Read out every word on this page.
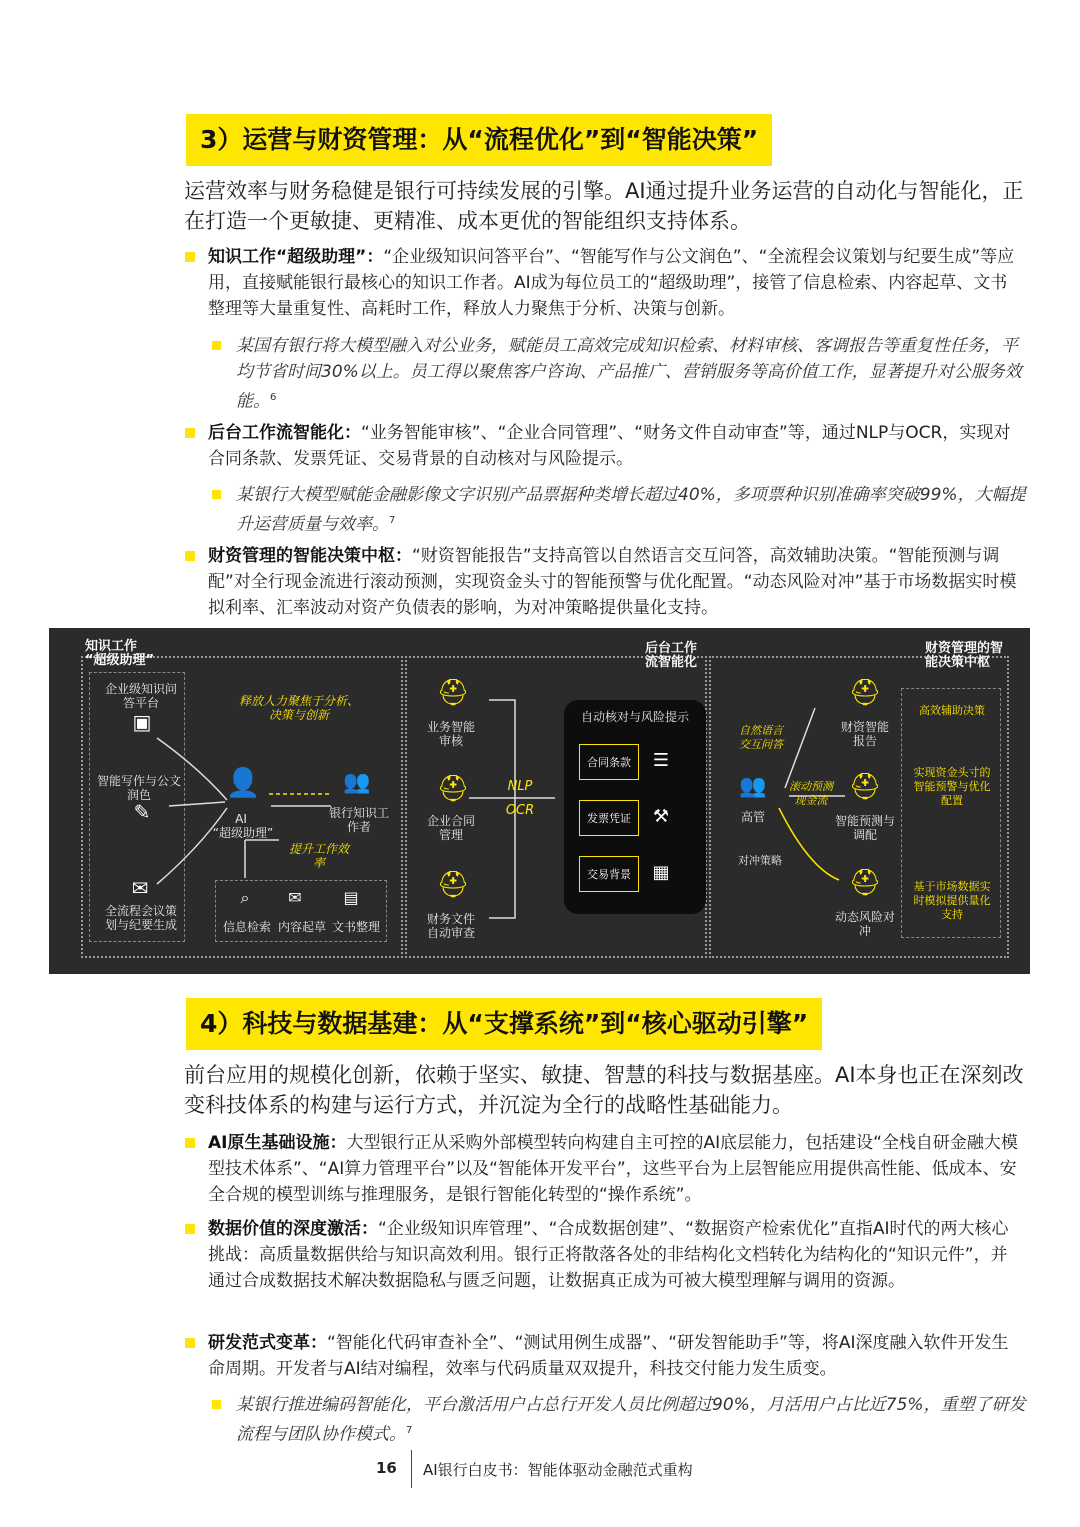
3）运营与财资管理：从“流程优化”到“智能决策”
运营效率与财务稳健是银行可持续发展的引擎。AI通过提升业务运营的自动化与智能化，正在打造一个更敏捷、更精准、成本更优的智能组织支持体系。
知识工作“超级助理”：“企业级知识问答平台”、“智能写作与公文润色”、“全流程会议策划与纪要生成”等应用，直接赋能银行最核心的知识工作者。AI成为每位员工的“超级助理”，接管了信息检索、内容起草、文书整理等大量重复性、高耗时工作，释放人力聚焦于分析、决策与创新。
某国有银行将大模型融入对公业务，赋能员工高效完成知识检索、材料审核、客调报告等重复性任务，平均节省时间30%以上。员工得以聚焦客户咨询、产品推广、营销服务等高价值工作，显著提升对公服务效能。$^6$
后台工作流智能化：“业务智能审核”、“企业合同管理”、“财务文件自动审查”等，通过NLP与OCR，实现对合同条款、发票凭证、交易背景的自动核对与风险提示。
某银行大模型赋能金融影像文字识别产品票据种类增长超过40%，多项票种识别准确率突破99%，大幅提升运营质量与效率。$^7$
财资管理的智能决策中枢：“财资智能报告”支持高管以自然语言交互问答，高效辅助决策。“智能预测与调配”对全行现金流进行滚动预测，实现资金头寸的智能预警与优化配置。“动态风险对冲”基于市场数据实时模拟利率、汇率波动对资产负债表的影响，为对冲策略提供量化支持。
知识工作
“超级助理”
企业级知识问答平台
▣
智能写作与公文润色
✎
✉
全流程会议策划与纪要生成
释放人力聚焦于分析、决策与创新
👤
AI
“超级助理”
👥
银行知识工作者
提升工作效率
⌕	✉	▤
信息检索 内容起草 文书整理
后台工作
流智能化
⛑
业务智能审核
⛑
企业合同管理
⛑
财务文件自动审查
NLP
OCR
自动核对与风险提示
合同条款	☰
发票凭证	⚒
交易背景	▦
财资管理的智
能决策中枢
👥
高管
自然语言交互问答
滚动预测现金流
对冲策略
⛑
财资智能报告
⛑
智能预测与调配
⛑
动态风险对冲
高效辅助决策
实现资金头寸的智能预警与优化配置
基于市场数据实时模拟提供量化支持
4）科技与数据基建：从“支撑系统”到“核心驱动引擎”
前台应用的规模化创新，依赖于坚实、敏捷、智慧的科技与数据基座。AI本身也正在深刻改变科技体系的构建与运行方式，并沉淀为全行的战略性基础能力。
AI原生基础设施：大型银行正从采购外部模型转向构建自主可控的AI底层能力，包括建设“全栈自研金融大模型技术体系”、“AI算力管理平台”以及“智能体开发平台”，这些平台为上层智能应用提供高性能、低成本、安全合规的模型训练与推理服务，是银行智能化转型的“操作系统”。
数据价值的深度激活：“企业级知识库管理”、“合成数据创建”、“数据资产检索优化”直指AI时代的两大核心挑战：高质量数据供给与知识高效利用。银行正将散落各处的非结构化文档转化为结构化的“知识元件”，并通过合成数据技术解决数据隐私与匮乏问题，让数据真正成为可被大模型理解与调用的资源。
研发范式变革：“智能化代码审查补全”、“测试用例生成器”、“研发智能助手”等，将AI深度融入软件开发生命周期。开发者与AI结对编程，效率与代码质量双双提升，科技交付能力发生质变。
某银行推进编码智能化，平台激活用户占总行开发人员比例超过90%，月活用户占比近75%，重塑了研发流程与团队协作模式。$^7$
16 AI银行白皮书：智能体驱动金融范式重构
